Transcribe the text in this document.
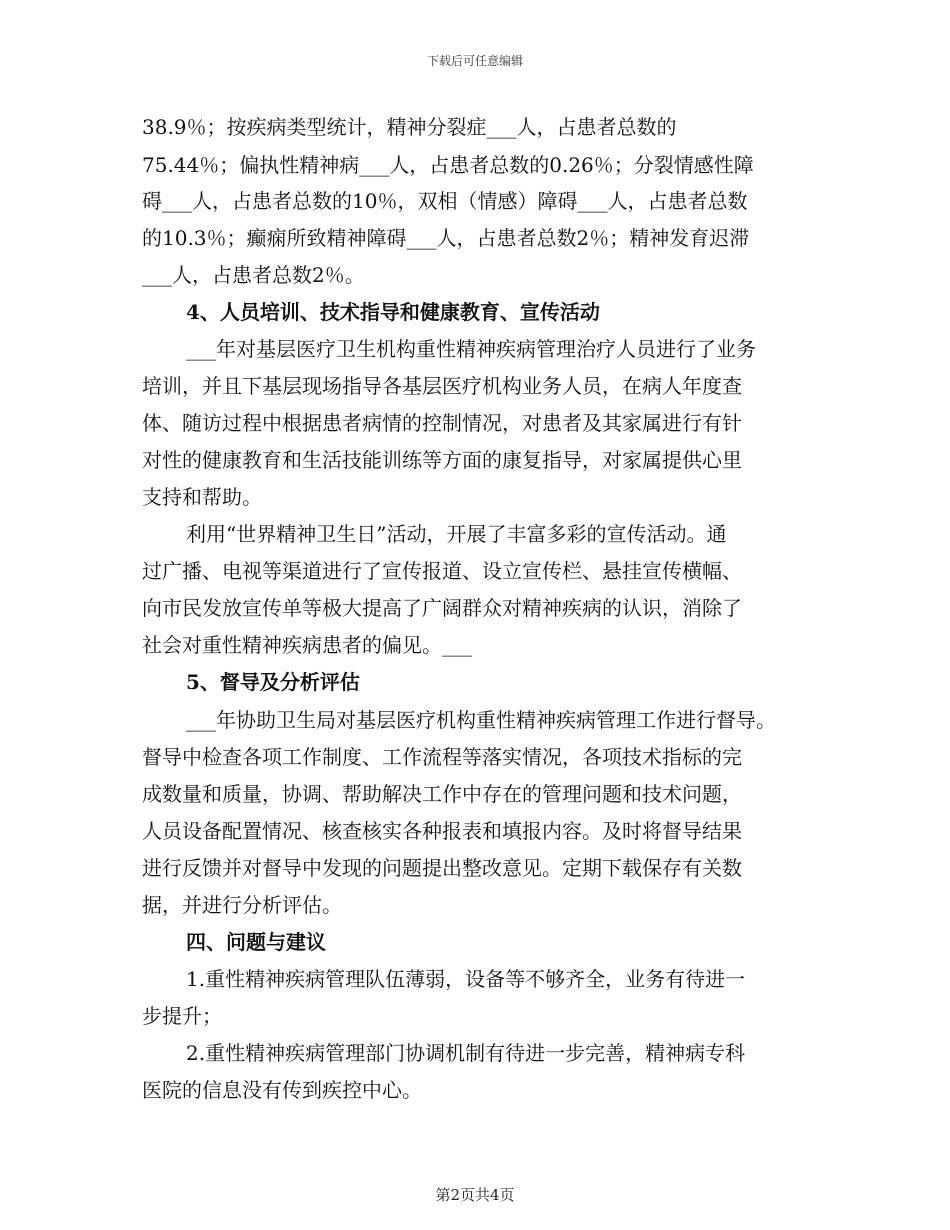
下载后可任意编辑
38.9％；按疾病类型统计，精神分裂症___人，占患者总数的
75.44％；偏执性精神病___人，占患者总数的0.26％；分裂情感性障
碍___人，占患者总数的10％，双相（情感）障碍___人，占患者总数
的10.3％；癫痫所致精神障碍___人，占患者总数2％；精神发育迟滞
___人，占患者总数2％。
4、人员培训、技术指导和健康教育、宣传活动
___年对基层医疗卫生机构重性精神疾病管理治疗人员进行了业务
培训，并且下基层现场指导各基层医疗机构业务人员，在病人年度查
体、随访过程中根据患者病情的控制情况，对患者及其家属进行有针
对性的健康教育和生活技能训练等方面的康复指导，对家属提供心里
支持和帮助。
利用“世界精神卫生日”活动，开展了丰富多彩的宣传活动。通
过广播、电视等渠道进行了宣传报道、设立宣传栏、悬挂宣传横幅、
向市民发放宣传单等极大提高了广阔群众对精神疾病的认识，消除了
社会对重性精神疾病患者的偏见。___
5、督导及分析评估
___年协助卫生局对基层医疗机构重性精神疾病管理工作进行督导。
督导中检查各项工作制度、工作流程等落实情况，各项技术指标的完
成数量和质量，协调、帮助解决工作中存在的管理问题和技术问题，
人员设备配置情况、核查核实各种报表和填报内容。及时将督导结果
进行反馈并对督导中发现的问题提出整改意见。定期下载保存有关数
据，并进行分析评估。
四、问题与建议
1.重性精神疾病管理队伍薄弱，设备等不够齐全，业务有待进一
步提升；
2.重性精神疾病管理部门协调机制有待进一步完善，精神病专科
医院的信息没有传到疾控中心。
第2页共4页
